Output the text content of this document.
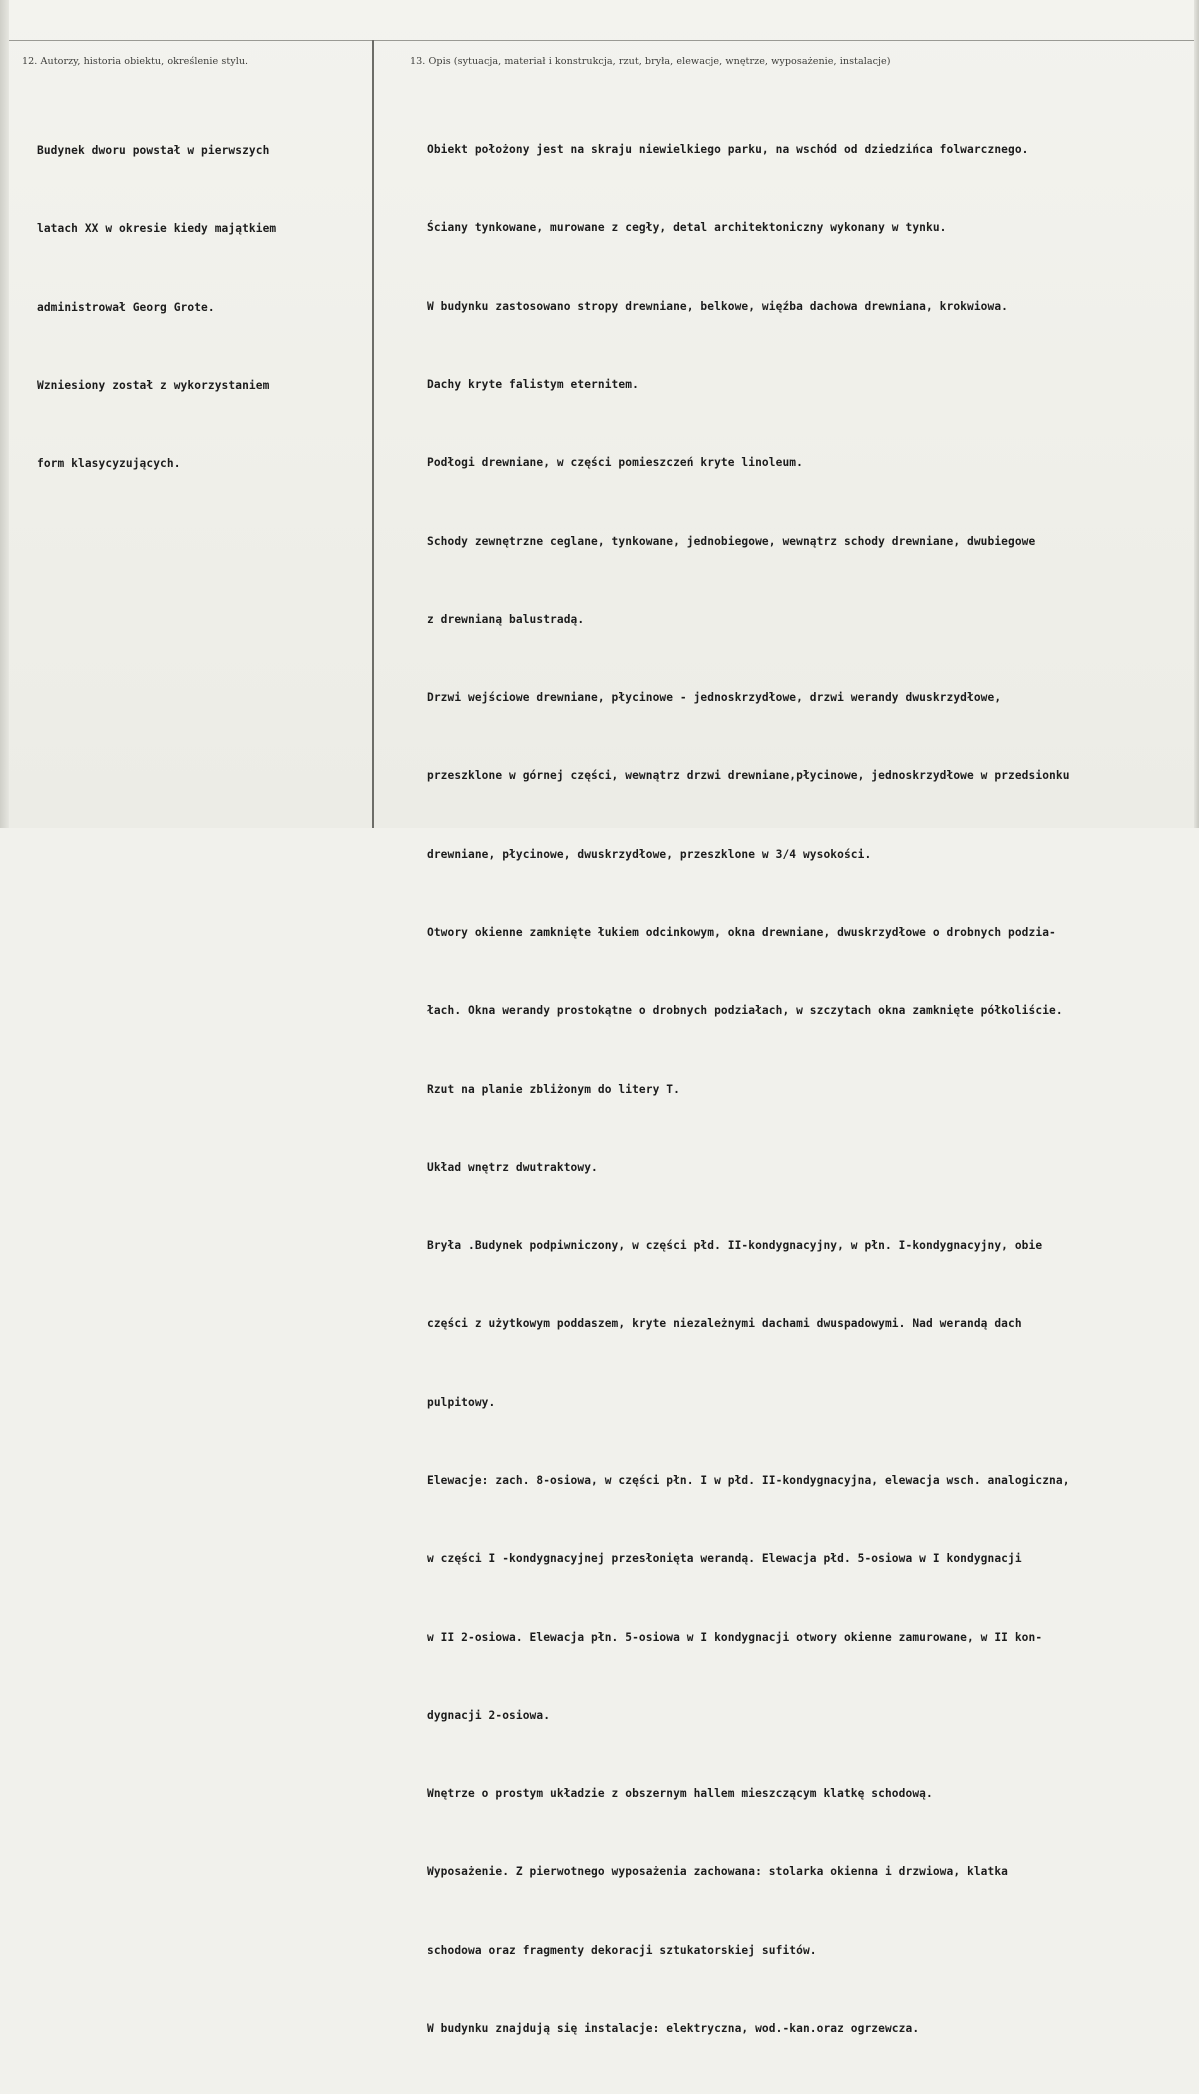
12. Autorzy, historia obiektu, określenie stylu.	13. Opis (sytuacja, materiał i konstrukcja, rzut, bryła, elewacje, wnętrze, wyposażenie, instalacje)

Budynek dworu powstał w pierwszych

latach XX w okresie kiedy majątkiem

administrował Georg Grote.

Wzniesiony został z wykorzystaniem

form klasycyzujących.

Obiekt położony jest na skraju niewielkiego parku, na wschód od dziedzińca folwarcznego.

Ściany tynkowane, murowane z cegły, detal architektoniczny wykonany w tynku.

W budynku zastosowano stropy drewniane, belkowe, więźba dachowa drewniana, krokwiowa.

Dachy kryte falistym eternitem.

Podłogi drewniane, w części pomieszczeń kryte linoleum.

Schody zewnętrzne ceglane, tynkowane, jednobiegowe, wewnątrz schody drewniane, dwubiegowe

z drewnianą balustradą.

Drzwi wejściowe drewniane, płycinowe - jednoskrzydłowe, drzwi werandy dwuskrzydłowe,

przeszklone w górnej części, wewnątrz drzwi drewniane,płycinowe, jednoskrzydłowe w przedsionku

drewniane, płycinowe, dwuskrzydłowe, przeszklone w 3/4 wysokości.

Otwory okienne zamknięte łukiem odcinkowym, okna drewniane, dwuskrzydłowe o drobnych podzia-

łach. Okna werandy prostokątne o drobnych podziałach, w szczytach okna zamknięte półkoliście.

Rzut na planie zbliżonym do litery T.

Układ wnętrz dwutraktowy.

Bryła .Budynek podpiwniczony, w części płd. II-kondygnacyjny, w płn. I-kondygnacyjny, obie

części z użytkowym poddaszem, kryte niezależnymi dachami dwuspadowymi. Nad werandą dach

pulpitowy.

Elewacje: zach. 8-osiowa, w części płn. I w płd. II-kondygnacyjna, elewacja wsch. analogiczna,

w części I -kondygnacyjnej przesłonięta werandą. Elewacja płd. 5-osiowa w I kondygnacji

w II 2-osiowa. Elewacja płn. 5-osiowa w I kondygnacji otwory okienne zamurowane, w II kon-

dygnacji 2-osiowa.

Wnętrze o prostym układzie z obszernym hallem mieszczącym klatkę schodową.

Wyposażenie. Z pierwotnego wyposażenia zachowana: stolarka okienna i drzwiowa, klatka

schodowa oraz fragmenty dekoracji sztukatorskiej sufitów.

W budynku znajdują się instalacje: elektryczna, wod.-kan.oraz ogrzewcza.
